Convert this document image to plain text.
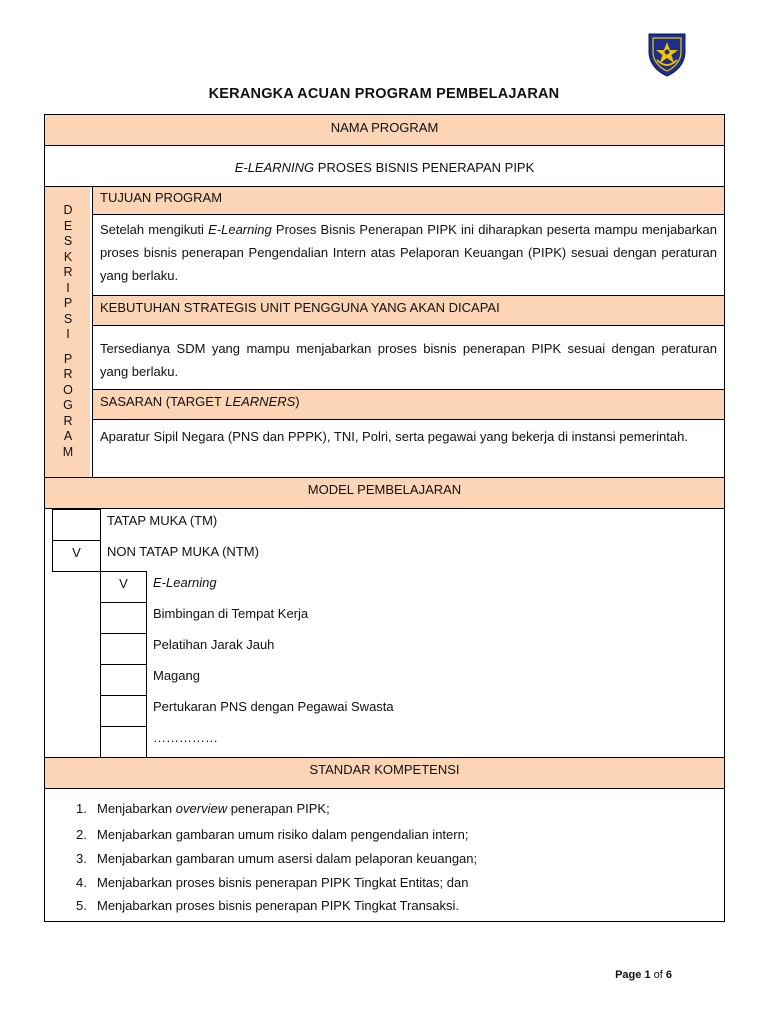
KERANGKA ACUAN PROGRAM PEMBELAJARAN
NAMA PROGRAM
E-LEARNING PROSES BISNIS PENERAPAN PIPK
D
E
S
K
R
I
P
S
I
P
R
O
G
R
A
M
TUJUAN PROGRAM
Setelah mengikuti E-Learning Proses Bisnis Penerapan PIPK ini diharapkan peserta mampu menjabarkan proses bisnis penerapan Pengendalian Intern atas Pelaporan Keuangan (PIPK) sesuai dengan peraturan yang berlaku.
KEBUTUHAN STRATEGIS UNIT PENGGUNA YANG AKAN DICAPAI
Tersedianya SDM yang mampu menjabarkan proses bisnis penerapan PIPK sesuai dengan peraturan yang berlaku.
SASARAN (TARGET LEARNERS)
Aparatur Sipil Negara (PNS dan PPPK), TNI, Polri, serta pegawai yang bekerja di instansi pemerintah.
MODEL PEMBELAJARAN
V
TATAP MUKA (TM)
NON TATAP MUKA (NTM)
V	E-Learning
Bimbingan di Tempat Kerja
Pelatihan Jarak Jauh
Magang
Pertukaran PNS dengan Pegawai Swasta
……………
STANDAR KOMPETENSI
1. Menjabarkan overview penerapan PIPK;
2. Menjabarkan gambaran umum risiko dalam pengendalian intern;
3. Menjabarkan gambaran umum asersi dalam pelaporan keuangan;
4. Menjabarkan proses bisnis penerapan PIPK Tingkat Entitas; dan
5. Menjabarkan proses bisnis penerapan PIPK Tingkat Transaksi.
Page 1 of 6
